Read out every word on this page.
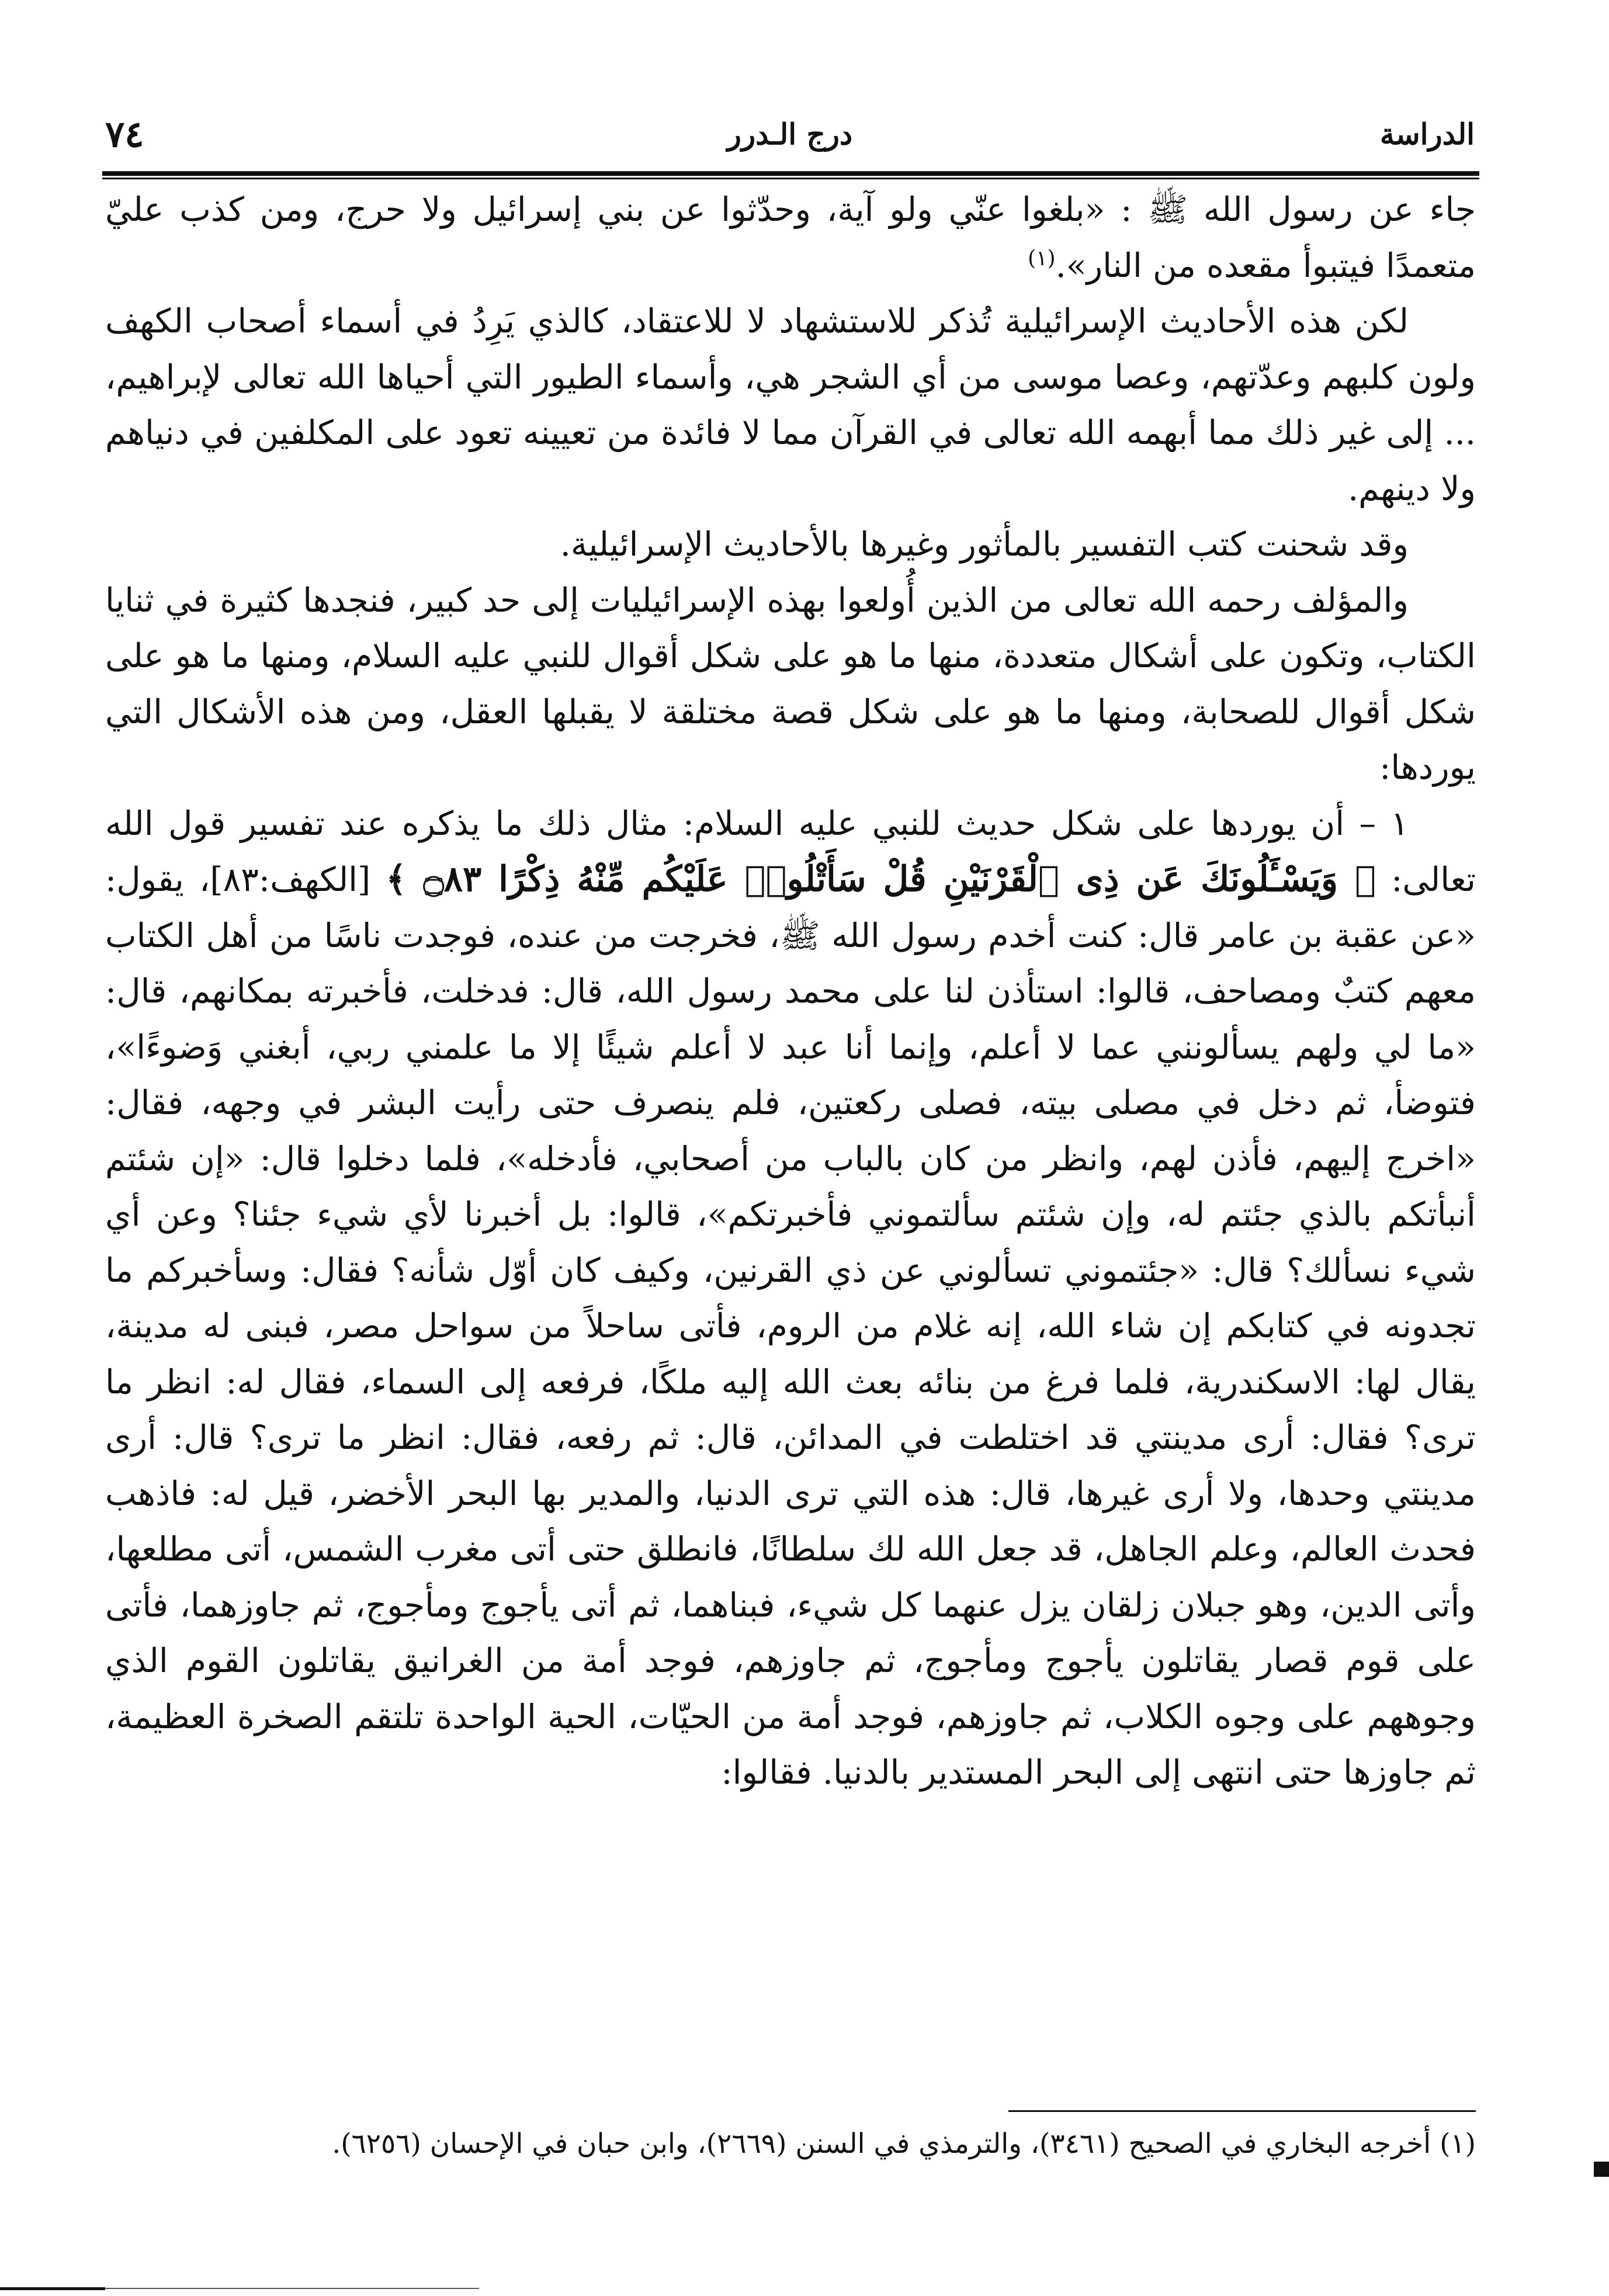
٧٤	درج الـدرر	الدراسة

جاء عن رسول الله ﷺ : «بلغوا عنّي ولو آية، وحدّثوا عن بني إسرائيل ولا حرج، ومن كذب عليّ متعمدًا فيتبوأ مقعده من النار».$^{(١)}$

لكن هذه الأحاديث الإسرائيلية تُذكر للاستشهاد لا للاعتقاد، كالذي يَرِدُ في أسماء أصحاب الكهف ولون كلبهم وعدّتهم، وعصا موسى من أي الشجر هي، وأسماء الطيور التي أحياها الله تعالى لإبراهيم، ... إلى غير ذلك مما أبهمه الله تعالى في القرآن مما لا فائدة من تعيينه تعود على المكلفين في دنياهم ولا دينهم.

وقد شحنت كتب التفسير بالمأثور وغيرها بالأحاديث الإسرائيلية.

والمؤلف رحمه الله تعالى من الذين أُولعوا بهذه الإسرائيليات إلى حد كبير، فنجدها كثيرة في ثنايا الكتاب، وتكون على أشكال متعددة، منها ما هو على شكل أقوال للنبي عليه السلام، ومنها ما هو على شكل أقوال للصحابة، ومنها ما هو على شكل قصة مختلقة لا يقبلها العقل، ومن هذه الأشكال التي يوردها:

١ – أن يوردها على شكل حديث للنبي عليه السلام: مثال ذلك ما يذكره عند تفسير قول الله تعالى: ﴿ وَيَسْـَٔلُونَكَ عَن ذِى ٱلْقَرْنَيْنِ قُلْ سَأَتْلُوا۟ عَلَيْكُم مِّنْهُ ذِكْرًا ۝٨٣ ﴾ [الكهف:٨٣]، يقول: «عن عقبة بن عامر قال: كنت أخدم رسول الله ﷺ، فخرجت من عنده، فوجدت ناسًا من أهل الكتاب معهم كتبٌ ومصاحف، قالوا: استأذن لنا على محمد رسول الله، قال: فدخلت، فأخبرته بمكانهم، قال: «ما لي ولهم يسألونني عما لا أعلم، وإنما أنا عبد لا أعلم شيئًا إلا ما علمني ربي، أبغني وَضوءًا»، فتوضأ، ثم دخل في مصلى بيته، فصلى ركعتين، فلم ينصرف حتى رأيت البشر في وجهه، فقال: «اخرج إليهم، فأذن لهم، وانظر من كان بالباب من أصحابي، فأدخله»، فلما دخلوا قال: «إن شئتم أنبأتكم بالذي جئتم له، وإن شئتم سألتموني فأخبرتكم»، قالوا: بل أخبرنا لأي شيء جئنا؟ وعن أي شيء نسألك؟ قال: «جئتموني تسألوني عن ذي القرنين، وكيف كان أوّل شأنه؟ فقال: وسأخبركم ما تجدونه في كتابكم إن شاء الله، إنه غلام من الروم، فأتى ساحلاً من سواحل مصر، فبنى له مدينة، يقال لها: الاسكندرية، فلما فرغ من بنائه بعث الله إليه ملكًا، فرفعه إلى السماء، فقال له: انظر ما ترى؟ فقال: أرى مدينتي قد اختلطت في المدائن، قال: ثم رفعه، فقال: انظر ما ترى؟ قال: أرى مدينتي وحدها، ولا أرى غيرها، قال: هذه التي ترى الدنيا، والمدير بها البحر الأخضر، قيل له: فاذهب فحدث العالم، وعلم الجاهل، قد جعل الله لك سلطانًا، فانطلق حتى أتى مغرب الشمس، أتى مطلعها، وأتى الدين، وهو جبلان زلقان يزل عنهما كل شيء، فبناهما، ثم أتى يأجوج ومأجوج، ثم جاوزهما، فأتى على قوم قصار يقاتلون يأجوج ومأجوج، ثم جاوزهم، فوجد أمة من الغرانيق يقاتلون القوم الذي وجوههم على وجوه الكلاب، ثم جاوزهم، فوجد أمة من الحيّات، الحية الواحدة تلتقم الصخرة العظيمة، ثم جاوزها حتى انتهى إلى البحر المستدير بالدنيا. فقالوا:

(١) أخرجه البخاري في الصحيح (٣٤٦١)، والترمذي في السنن (٢٦٦٩)، وابن حبان في الإحسان (٦٢٥٦).
